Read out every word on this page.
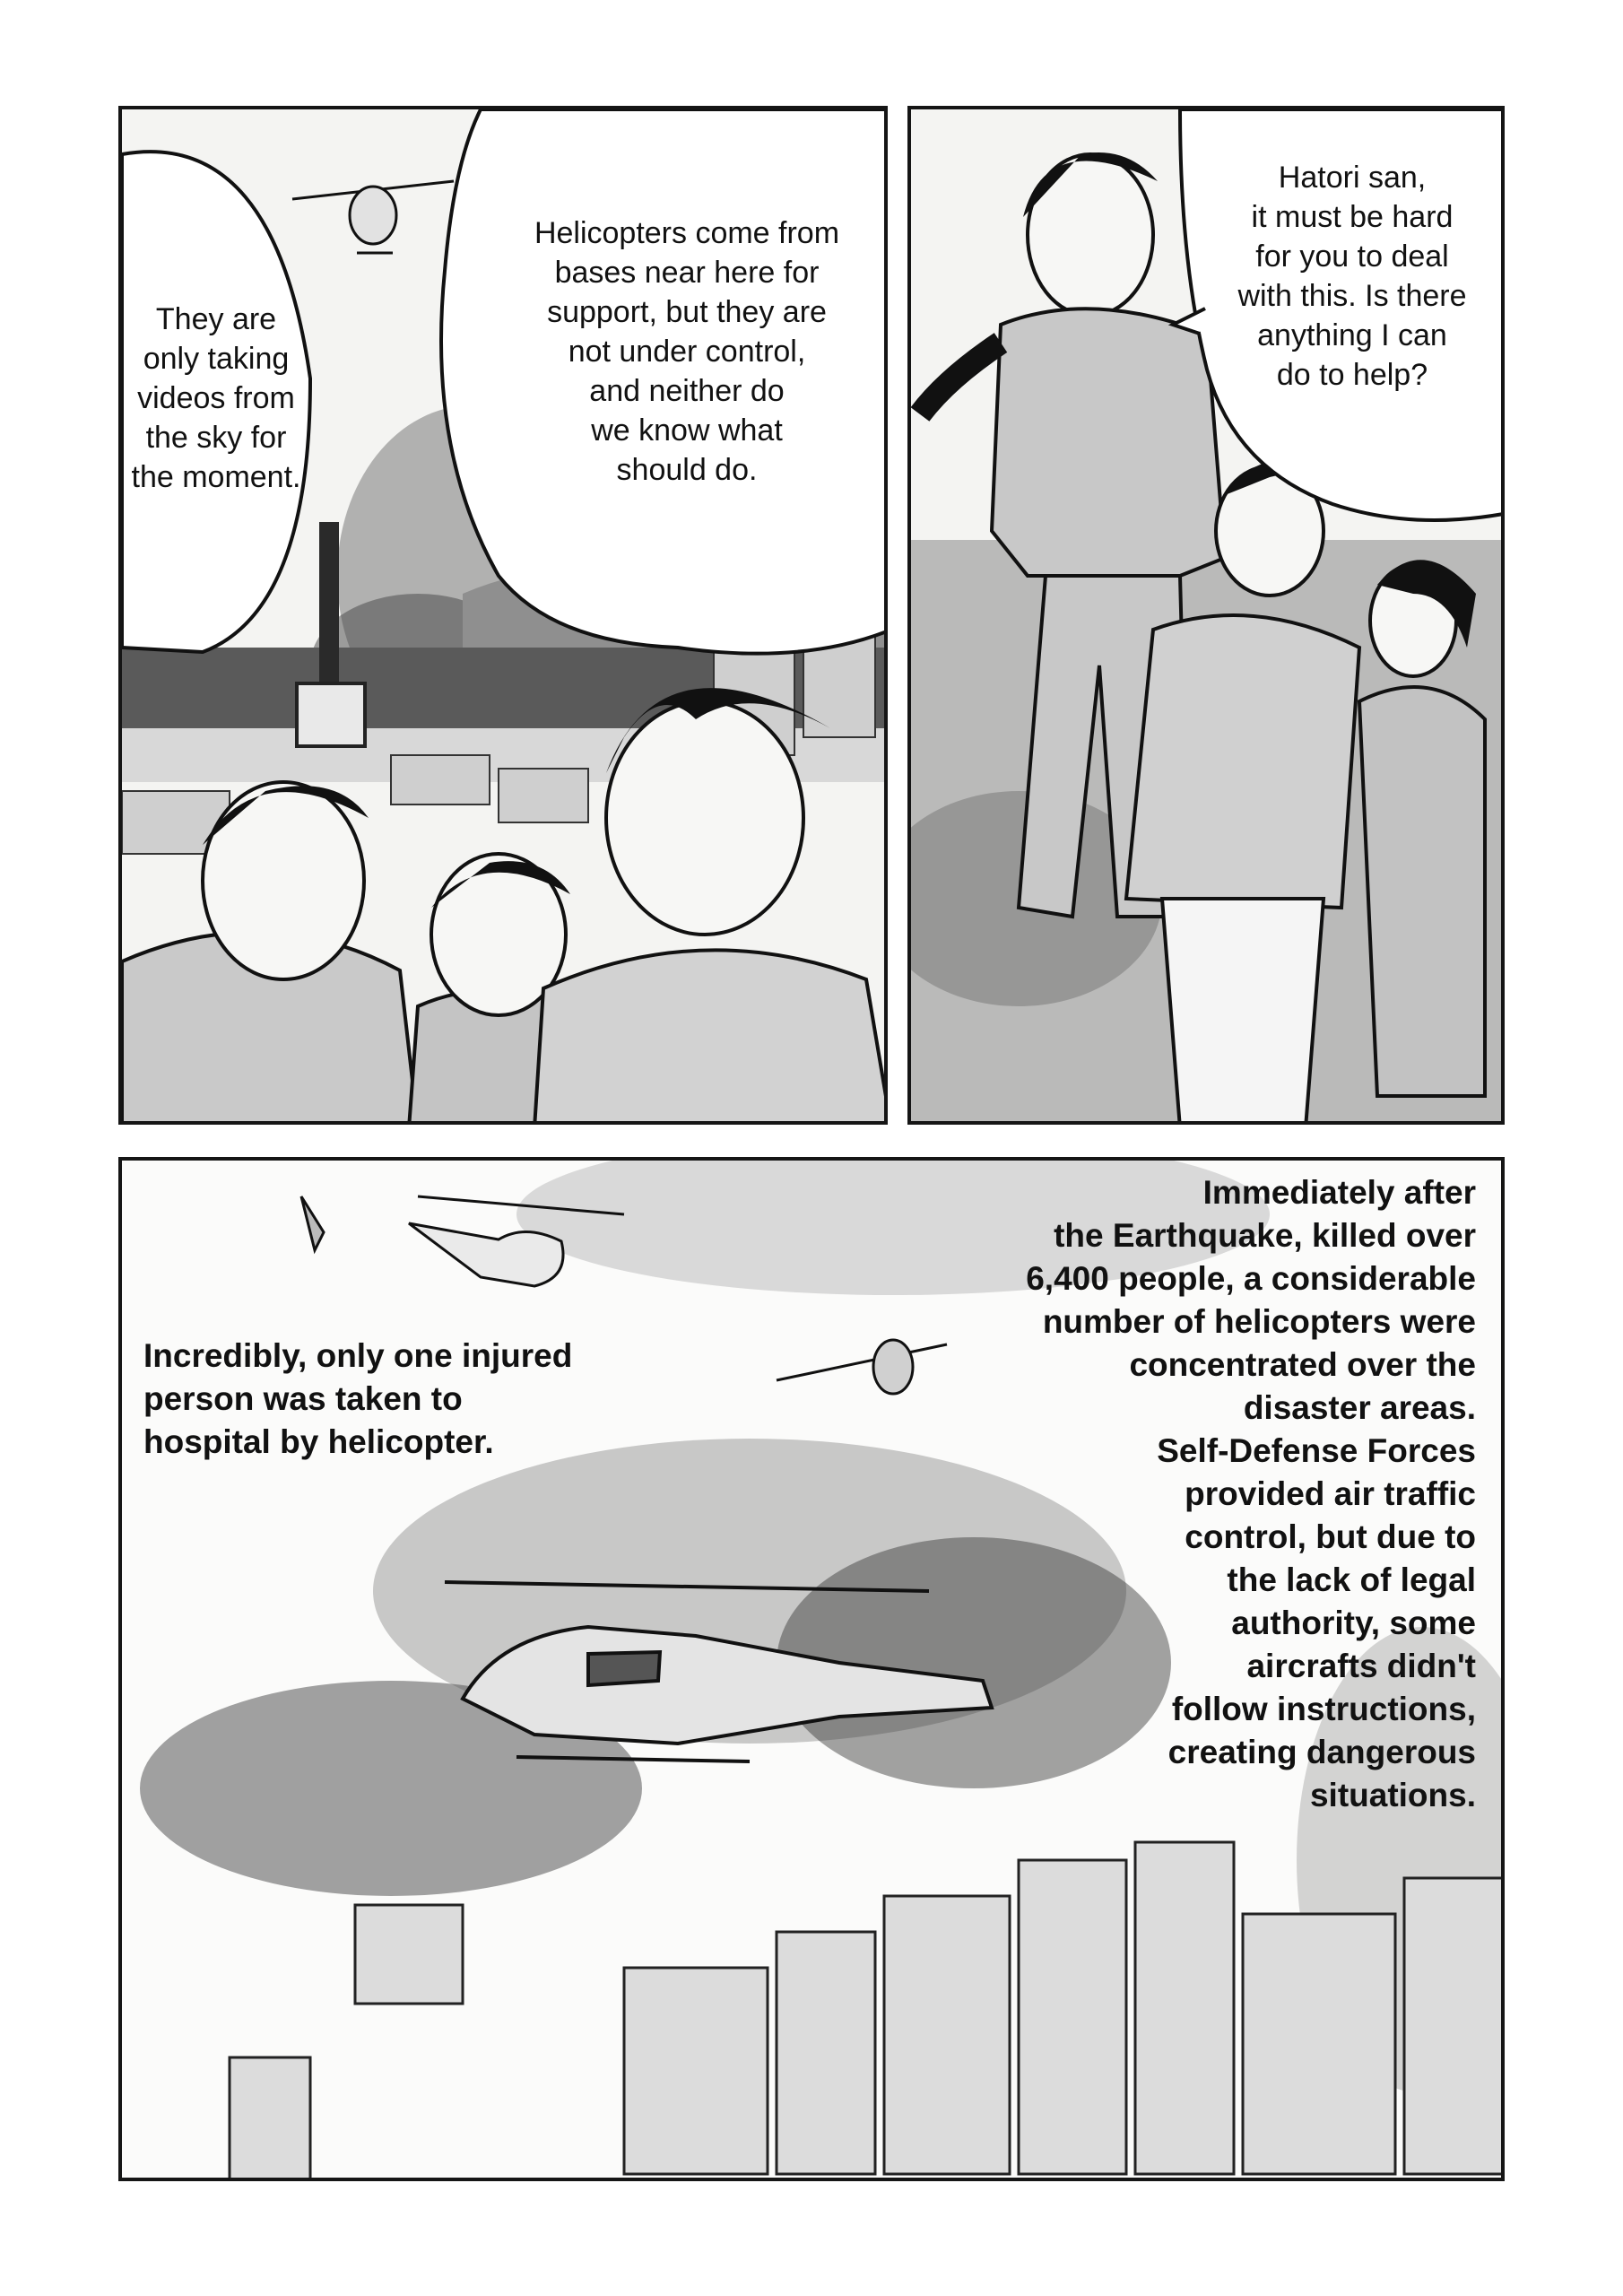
They are
only taking
videos from
the sky for
the moment.
Helicopters come from
bases near here for
support, but they are
not under control,
and neither do
we know what
should do.
Hatori san,
it must be hard
for you to deal
with this. Is there
anything I can
do to help?
Incredibly, only one injured
person was taken to
hospital by helicopter.
Immediately after
the Earthquake, killed over
6,400 people, a considerable
number of helicopters were
concentrated over the
disaster areas.
Self-Defense Forces
provided air traffic
control, but due to
the lack of legal
authority, some
aircrafts didn't
follow instructions,
creating dangerous
situations.
